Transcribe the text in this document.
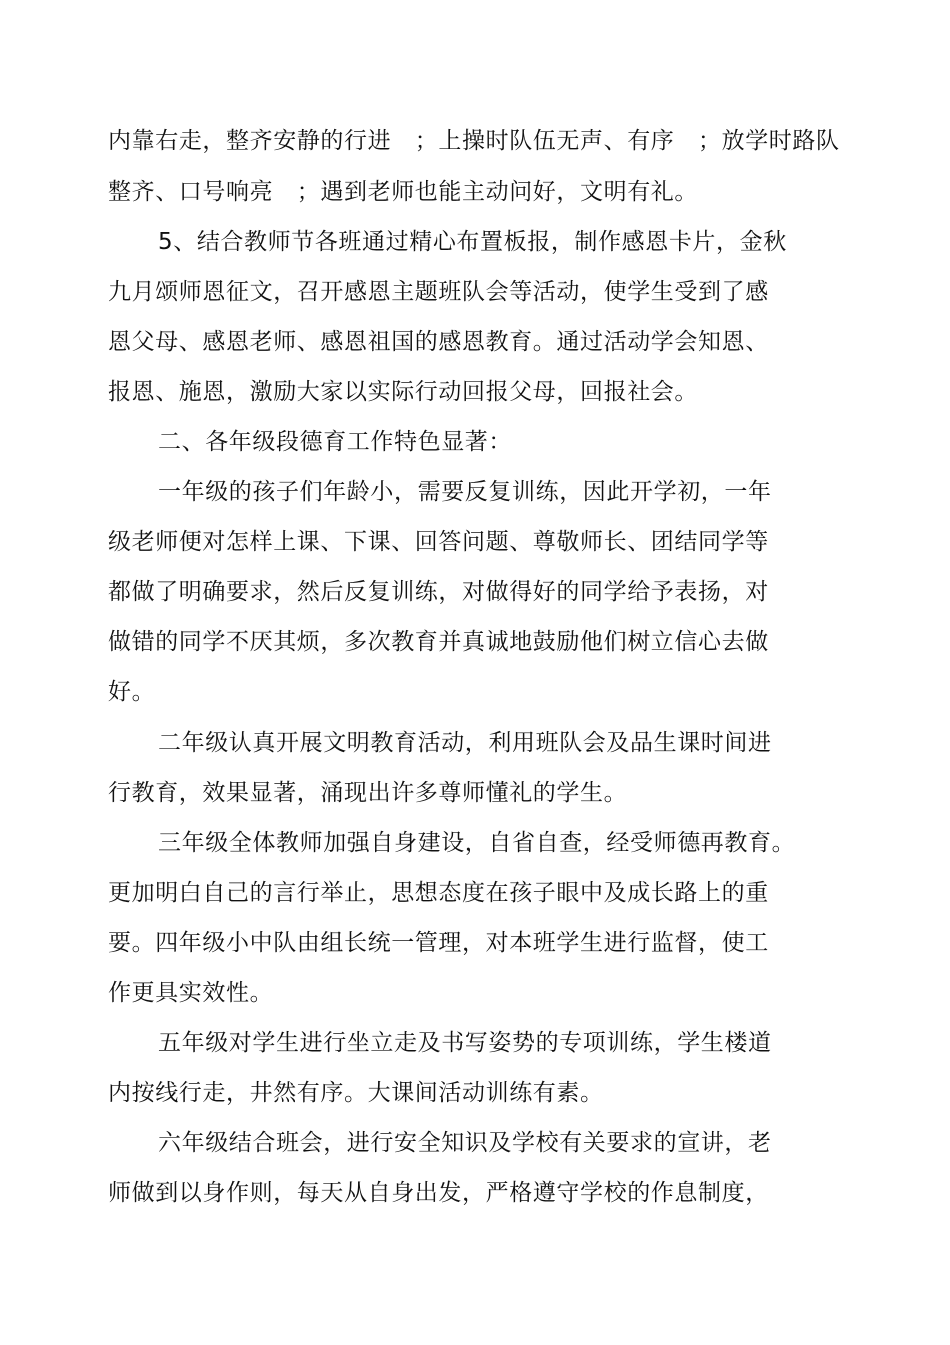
内靠右走，整齐安静的行进　；上操时队伍无声、有序　；放学时路队
整齐、口号响亮　；遇到老师也能主动问好，文明有礼。
5、结合教师节各班通过精心布置板报，制作感恩卡片，金秋
九月颂师恩征文，召开感恩主题班队会等活动，使学生受到了感
恩父母、感恩老师、感恩祖国的感恩教育。通过活动学会知恩、
报恩、施恩，激励大家以实际行动回报父母，回报社会。
二、各年级段德育工作特色显著：
一年级的孩子们年龄小，需要反复训练，因此开学初，一年
级老师便对怎样上课、下课、回答问题、尊敬师长、团结同学等
都做了明确要求，然后反复训练，对做得好的同学给予表扬，对
做错的同学不厌其烦，多次教育并真诚地鼓励他们树立信心去做
好。
二年级认真开展文明教育活动，利用班队会及品生课时间进
行教育，效果显著，涌现出许多尊师懂礼的学生。
三年级全体教师加强自身建设，自省自查，经受师德再教育。
更加明白自己的言行举止，思想态度在孩子眼中及成长路上的重
要。四年级小中队由组长统一管理，对本班学生进行监督，使工
作更具实效性。
五年级对学生进行坐立走及书写姿势的专项训练，学生楼道
内按线行走，井然有序。大课间活动训练有素。
六年级结合班会，进行安全知识及学校有关要求的宣讲，老
师做到以身作则，每天从自身出发，严格遵守学校的作息制度，
